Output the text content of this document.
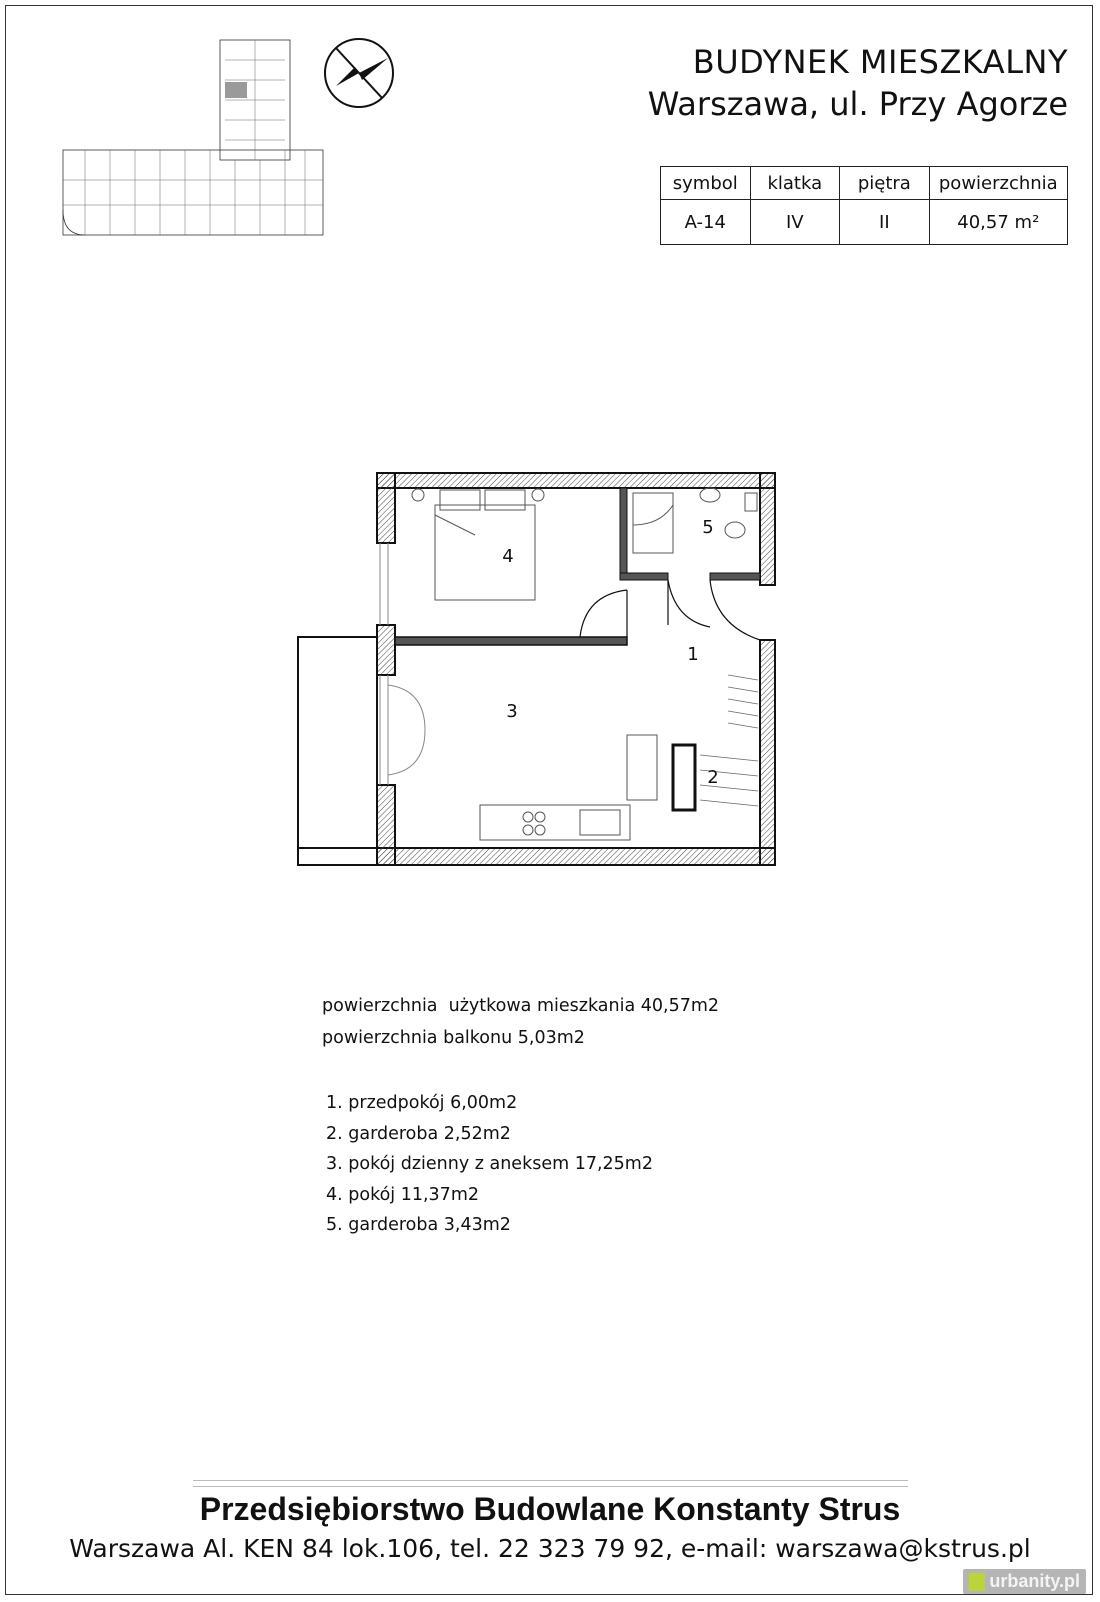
BUDYNEK MIESZKALNY
Warszawa, ul. Przy Agorze
symbol	klatka	piętra	powierzchnia
A-14	IV	II	40,57 m²
1
2
3
4
5
powierzchnia  użytkowa mieszkania 40,57m2
powierzchnia balkonu 5,03m2
1. przedpokój 6,00m2
2. garderoba 2,52m2
3. pokój dzienny z aneksem 17,25m2
4. pokój 11,37m2
5. garderoba 3,43m2
Przedsiębiorstwo Budowlane Konstanty Strus
Warszawa Al. KEN 84 lok.106, tel. 22 323 79 92, e-mail: warszawa@kstrus.pl
urbanity.pl
